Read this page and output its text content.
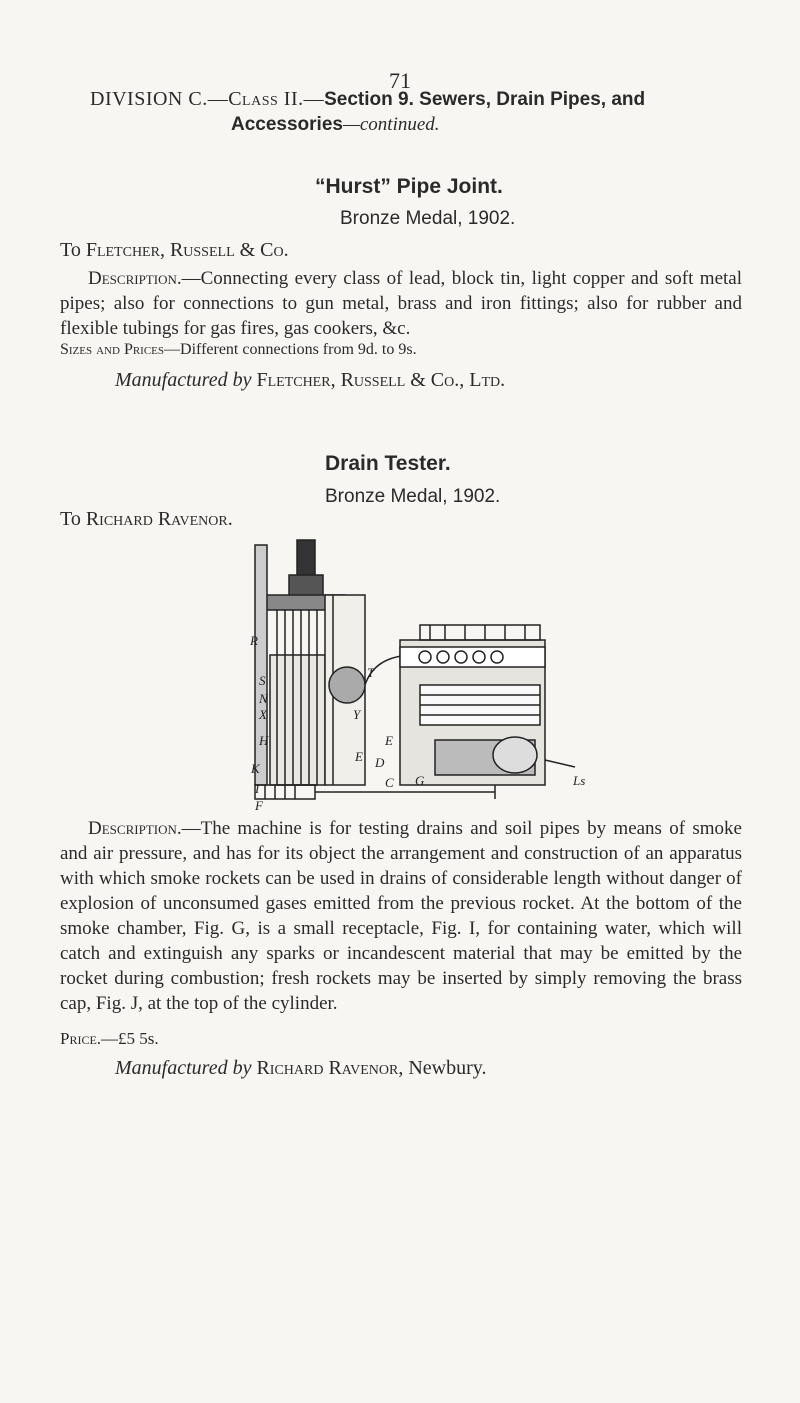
71
DIVISION C.—Class II.—Section 9. Sewers, Drain Pipes, and
Accessories—continued.
“Hurst” Pipe Joint.
Bronze Medal, 1902.
To Fletcher, Russell & Co.
Description.—Connecting every class of lead, block tin, light copper and soft metal pipes; also for connections to gun metal, brass and iron fittings; also for rubber and flexible tubings for gas fires, gas cookers, &c.
Sizes and Prices—Different connections from 9d. to 9s.
Manufactured by Fletcher, Russell & Co., Ltd.
Drain Tester.
Bronze Medal, 1902.
To Richard Ravenor.
R
S
N
X
H
K
I
F
T
Y
E
D
C G
E
Ls
Description.—The machine is for testing drains and soil pipes by means of smoke and air pressure, and has for its object the arrangement and construction of an apparatus with which smoke rockets can be used in drains of considerable length without danger of explosion of unconsumed gases emitted from the previous rocket. At the bottom of the smoke chamber, Fig. G, is a small receptacle, Fig. I, for containing water, which will catch and extinguish any sparks or incandescent material that may be emitted by the rocket during combustion; fresh rockets may be inserted by simply removing the brass cap, Fig. J, at the top of the cylinder.
Price.—£5 5s.
Manufactured by Richard Ravenor, Newbury.
